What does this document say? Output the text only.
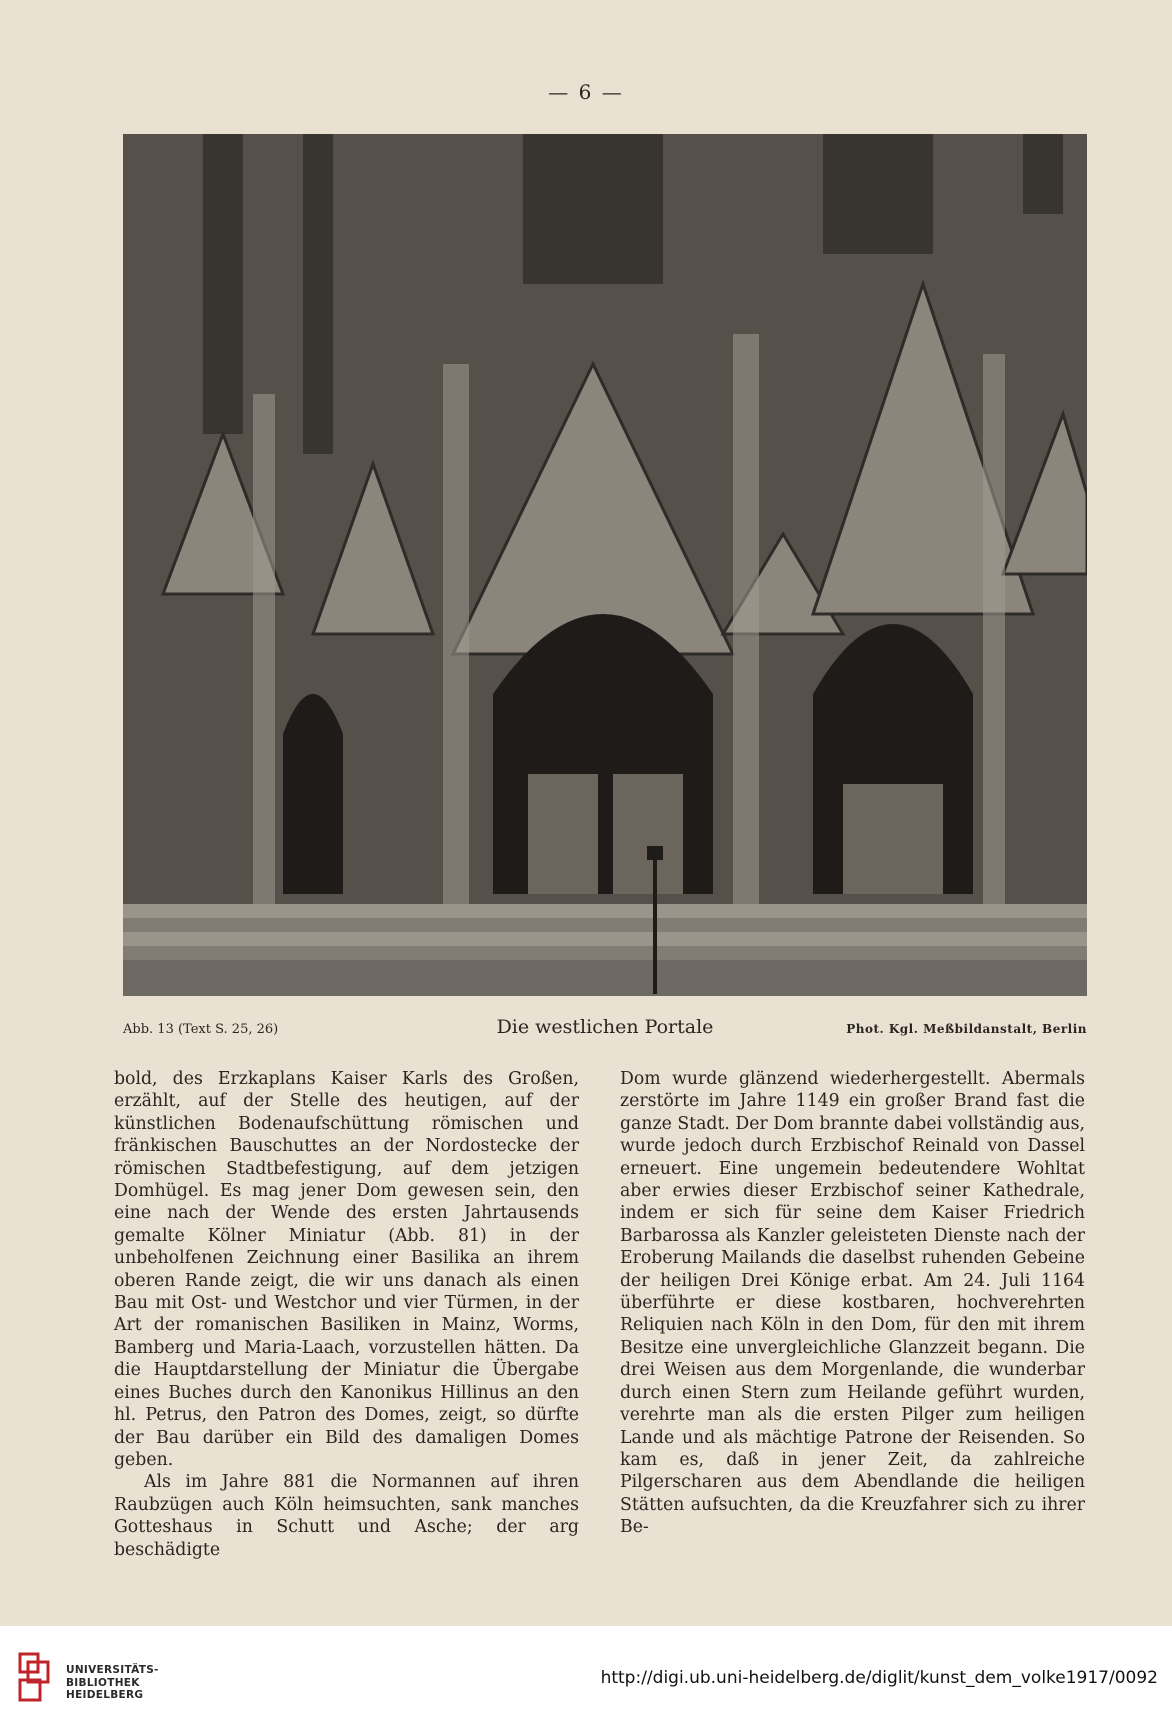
— 6 —
Abb. 13 (Text S. 25, 26)	Die westlichen Portale	Phot. Kgl. Meßbildanstalt, Berlin

bold, des Erzkaplans Kaiser Karls des Großen, erzählt, auf der Stelle des heutigen, auf der künstlichen Bodenaufschüttung römischen und fränkischen Bauschuttes an der Nordostecke der römischen Stadtbefestigung, auf dem jetzigen Domhügel. Es mag jener Dom gewesen sein, den eine nach der Wende des ersten Jahrtausends gemalte Kölner Miniatur (Abb. 81) in der unbeholfenen Zeichnung einer Basilika an ihrem oberen Rande zeigt, die wir uns danach als einen Bau mit Ost- und Westchor und vier Türmen, in der Art der romanischen Basiliken in Mainz, Worms, Bamberg und Maria-Laach, vorzustellen hätten. Da die Hauptdarstellung der Miniatur die Übergabe eines Buches durch den Kanonikus Hillinus an den hl. Petrus, den Patron des Domes, zeigt, so dürfte der Bau darüber ein Bild des damaligen Domes geben.

Als im Jahre 881 die Normannen auf ihren Raubzügen auch Köln heimsuchten, sank manches Gotteshaus in Schutt und Asche; der arg beschädigte

Dom wurde glänzend wiederhergestellt. Abermals zerstörte im Jahre 1149 ein großer Brand fast die ganze Stadt. Der Dom brannte dabei vollständig aus, wurde jedoch durch Erzbischof Reinald von Dassel erneuert. Eine ungemein bedeutendere Wohltat aber erwies dieser Erzbischof seiner Kathedrale, indem er sich für seine dem Kaiser Friedrich Barbarossa als Kanzler geleisteten Dienste nach der Eroberung Mailands die daselbst ruhenden Gebeine der heiligen Drei Könige erbat. Am 24. Juli 1164 überführte er diese kostbaren, hochverehrten Reliquien nach Köln in den Dom, für den mit ihrem Besitze eine unvergleichliche Glanzzeit begann. Die drei Weisen aus dem Morgenlande, die wunderbar durch einen Stern zum Heilande geführt wurden, verehrte man als die ersten Pilger zum heiligen Lande und als mächtige Patrone der Reisenden. So kam es, daß in jener Zeit, da zahlreiche Pilgerscharen aus dem Abendlande die heiligen Stätten aufsuchten, da die Kreuzfahrer sich zu ihrer Be-

UNIVERSITÄTS-
BIBLIOTHEK
HEIDELBERG
http://digi.ub.uni-heidelberg.de/diglit/kunst_dem_volke1917/0092
